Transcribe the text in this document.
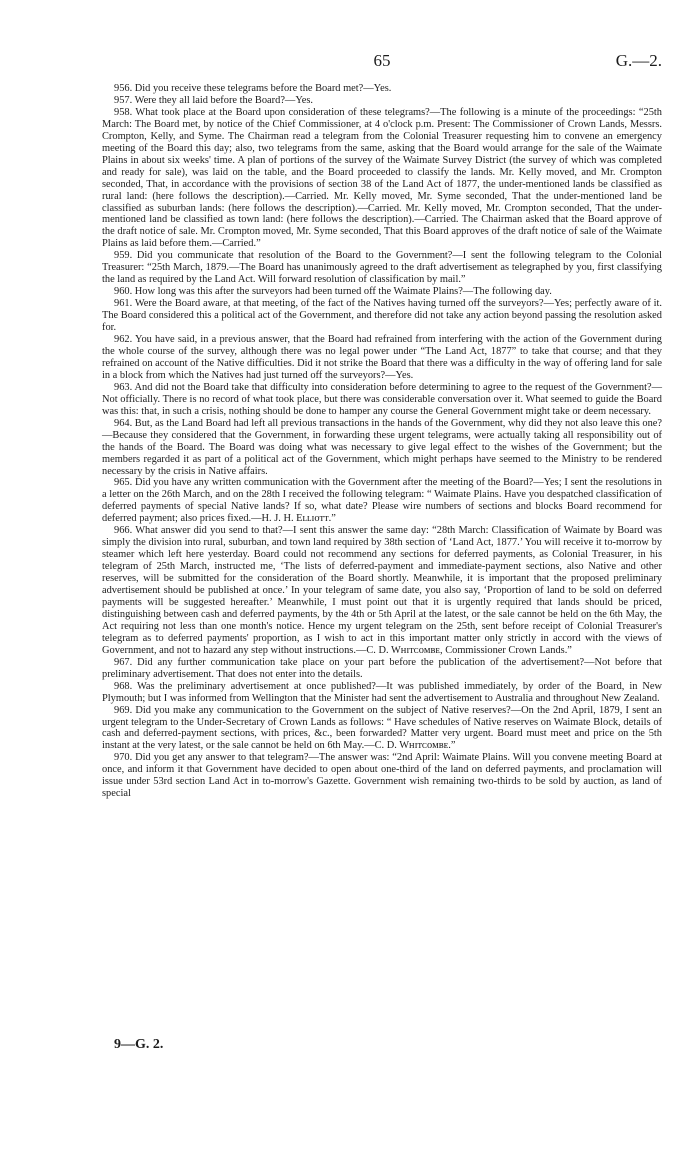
65	G.—2.

956. Did you receive these telegrams before the Board met?—Yes.

957. Were they all laid before the Board?—Yes.

958. What took place at the Board upon consideration of these telegrams?—The following is a minute of the proceedings: “25th March: The Board met, by notice of the Chief Commissioner, at 4 o'clock p.m. Present: The Commissioner of Crown Lands, Messrs. Crompton, Kelly, and Syme. The Chairman read a telegram from the Colonial Treasurer requesting him to convene an emergency meeting of the Board this day; also, two telegrams from the same, asking that the Board would arrange for the sale of the Waimate Plains in about six weeks' time. A plan of portions of the survey of the Waimate Survey District (the survey of which was completed and ready for sale), was laid on the table, and the Board proceeded to classify the lands. Mr. Kelly moved, and Mr. Crompton seconded, That, in accordance with the provisions of section 38 of the Land Act of 1877, the under-mentioned lands be classified as rural land: (here follows the description).—Carried. Mr. Kelly moved, Mr. Syme seconded, That the under-mentioned land be classified as suburban lands: (here follows the description).—Carried. Mr. Kelly moved, Mr. Crompton seconded, That the under-mentioned land be classified as town land: (here follows the description).—Carried. The Chairman asked that the Board approve of the draft notice of sale. Mr. Crompton moved, Mr. Syme seconded, That this Board approves of the draft notice of sale of the Waimate Plains as laid before them.—Carried.”

959. Did you communicate that resolution of the Board to the Government?—I sent the following telegram to the Colonial Treasurer: “25th March, 1879.—The Board has unanimously agreed to the draft advertisement as telegraphed by you, first classifying the land as required by the Land Act. Will forward resolution of classification by mail.”

960. How long was this after the surveyors had been turned off the Waimate Plains?—The following day.

961. Were the Board aware, at that meeting, of the fact of the Natives having turned off the surveyors?—Yes; perfectly aware of it. The Board considered this a political act of the Government, and therefore did not take any action beyond passing the resolution asked for.

962. You have said, in a previous answer, that the Board had refrained from interfering with the action of the Government during the whole course of the survey, although there was no legal power under “The Land Act, 1877” to take that course; and that they refrained on account of the Native difficulties. Did it not strike the Board that there was a difficulty in the way of offering land for sale in a block from which the Natives had just turned off the surveyors?—Yes.

963. And did not the Board take that difficulty into consideration before determining to agree to the request of the Government?—Not officially. There is no record of what took place, but there was considerable conversation over it. What seemed to guide the Board was this: that, in such a crisis, nothing should be done to hamper any course the General Government might take or deem necessary.

964. But, as the Land Board had left all previous transactions in the hands of the Government, why did they not also leave this one?—Because they considered that the Government, in forwarding these urgent telegrams, were actually taking all responsibility out of the hands of the Board. The Board was doing what was necessary to give legal effect to the wishes of the Government; but the members regarded it as part of a political act of the Government, which might perhaps have seemed to the Ministry to be rendered necessary by the crisis in Native affairs.

965. Did you have any written communication with the Government after the meeting of the Board?—Yes; I sent the resolutions in a letter on the 26th March, and on the 28th I received the following telegram: “ Waimate Plains. Have you despatched classification of deferred payments of special Native lands? If so, what date? Please wire numbers of sections and blocks Board recommend for deferred payment; also prices fixed.—H. J. H. Eʟʟɪᴏᴛᴛ.”

966. What answer did you send to that?—I sent this answer the same day: “28th March: Classification of Waimate by Board was simply the division into rural, suburban, and town land required by 38th section of ‘Land Act, 1877.’ You will receive it to-morrow by steamer which left here yesterday. Board could not recommend any sections for deferred payments, as Colonial Treasurer, in his telegram of 25th March, instructed me, ‘The lists of deferred-payment and immediate-payment sections, also Native and other reserves, will be submitted for the consideration of the Board shortly. Meanwhile, it is important that the proposed preliminary advertisement should be published at once.’ In your telegram of same date, you also say, ‘Proportion of land to be sold on deferred payments will be suggested hereafter.’ Meanwhile, I must point out that it is urgently required that lands should be priced, distinguishing between cash and deferred payments, by the 4th or 5th April at the latest, or the sale cannot be held on the 6th May, the Act requiring not less than one month's notice. Hence my urgent telegram on the 25th, sent before receipt of Colonial Treasurer's telegram as to deferred payments' proportion, as I wish to act in this important matter only strictly in accord with the views of Government, and not to hazard any step without instructions.—C. D. Wʜɪᴛᴄᴏᴍʙᴇ, Commissioner Crown Lands.”

967. Did any further communication take place on your part before the publication of the advertisement?—Not before that preliminary advertisement. That does not enter into the details.

968. Was the preliminary advertisement at once published?—It was published immediately, by order of the Board, in New Plymouth; but I was informed from Wellington that the Minister had sent the advertisement to Australia and throughout New Zealand.

969. Did you make any communication to the Government on the subject of Native reserves?—On the 2nd April, 1879, I sent an urgent telegram to the Under-Secretary of Crown Lands as follows: “ Have schedules of Native reserves on Waimate Block, details of cash and deferred-payment sections, with prices, &c., been forwarded? Matter very urgent. Board must meet and price on the 5th instant at the very latest, or the sale cannot be held on 6th May.—C. D. Wʜɪᴛᴄᴏᴍʙᴇ.”

970. Did you get any answer to that telegram?—The answer was: “2nd April: Waimate Plains. Will you convene meeting Board at once, and inform it that Government have decided to open about one-third of the land on deferred payments, and proclamation will issue under 53rd section Land Act in to-morrow's Gazette. Government wish remaining two-thirds to be sold by auction, as land of special

9—G. 2.
